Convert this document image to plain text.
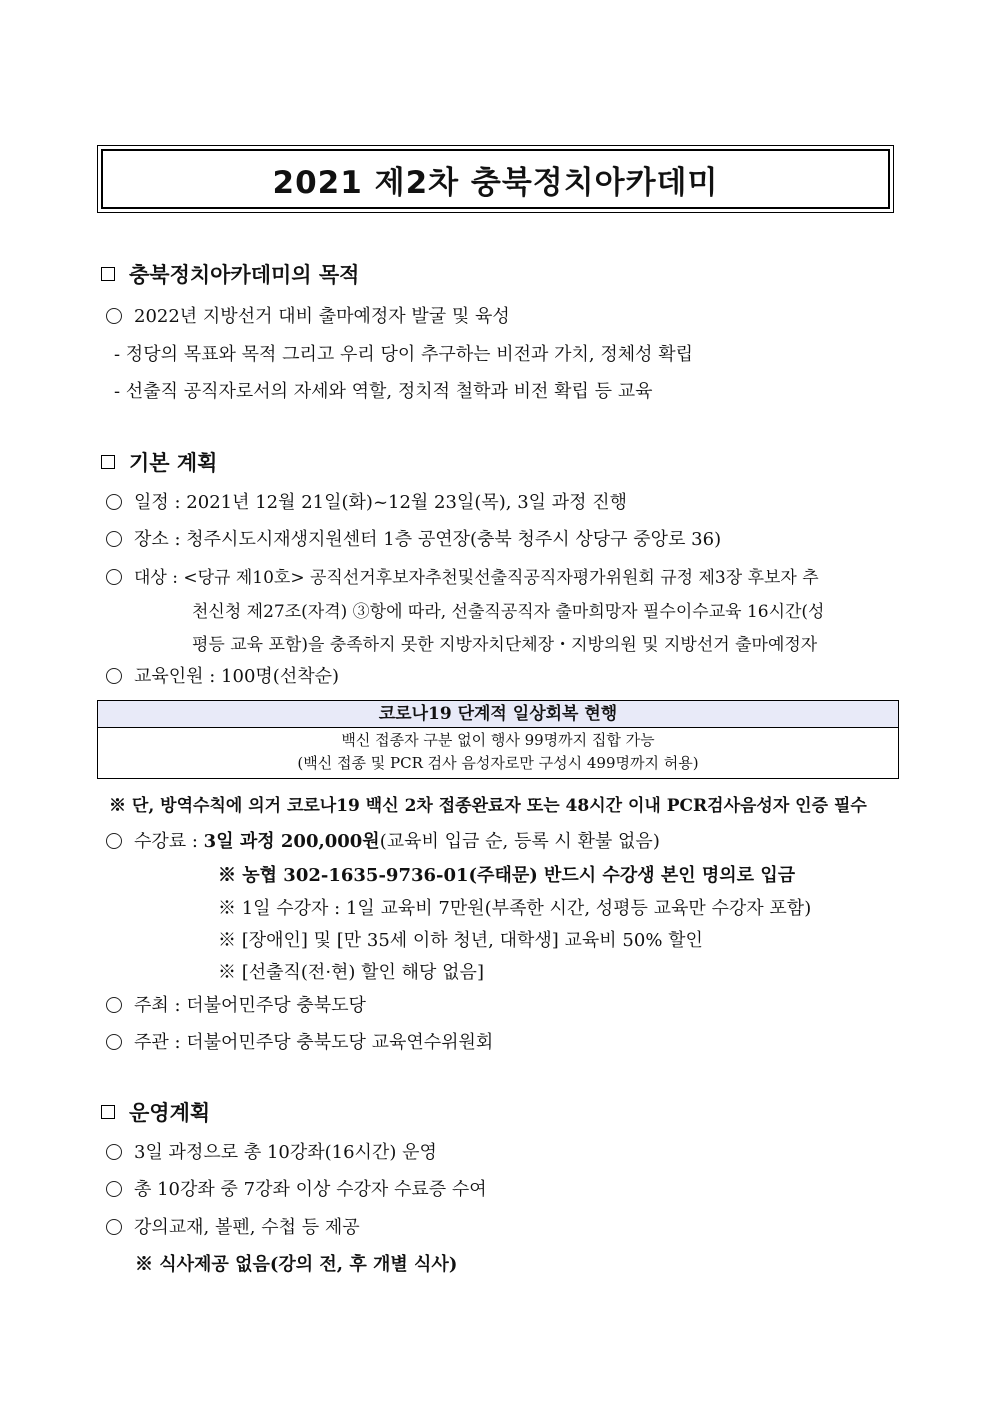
2021 제2차 충북정치아카데미
충북정치아카데미의 목적
2022년 지방선거 대비 출마예정자 발굴 및 육성
- 정당의 목표와 목적 그리고 우리 당이 추구하는 비전과 가치, 정체성 확립
- 선출직 공직자로서의 자세와 역할, 정치적 철학과 비전 확립 등 교육
기본 계획
일정 : 2021년 12월 21일(화)~12월 23일(목), 3일 과정 진행
장소 : 청주시도시재생지원센터 1층 공연장(충북 청주시 상당구 중앙로 36)
대상 : <당규 제10호> 공직선거후보자추천및선출직공직자평가위원회 규정 제3장 후보자 추
천신청 제27조(자격) ③항에 따라, 선출직공직자 출마희망자 필수이수교육 16시간(성
평등 교육 포함)을 충족하지 못한 지방자치단체장・지방의원 및 지방선거 출마예정자
교육인원 : 100명(선착순)
코로나19 단계적 일상회복 현행
백신 접종자 구분 없이 행사 99명까지 집합 가능
(백신 접종 및 PCR 검사 음성자로만 구성시 499명까지 허용)
※ 단, 방역수칙에 의거 코로나19 백신 2차 접종완료자 또는 48시간 이내 PCR검사음성자 인증 필수
수강료 : 3일 과정 200,000원(교육비 입금 순, 등록 시 환불 없음)
※ 농협 302-1635-9736-01(주태문) 반드시 수강생 본인 명의로 입금
※ 1일 수강자 : 1일 교육비 7만원(부족한 시간, 성평등 교육만 수강자 포함)
※ [장애인] 및 [만 35세 이하 청년, 대학생] 교육비 50% 할인
※ [선출직(전·현) 할인 해당 없음]
주최 : 더불어민주당 충북도당
주관 : 더불어민주당 충북도당 교육연수위원회
운영계획
3일 과정으로 총 10강좌(16시간) 운영
총 10강좌 중 7강좌 이상 수강자 수료증 수여
강의교재, 볼펜, 수첩 등 제공
※ 식사제공 없음(강의 전, 후 개별 식사)
